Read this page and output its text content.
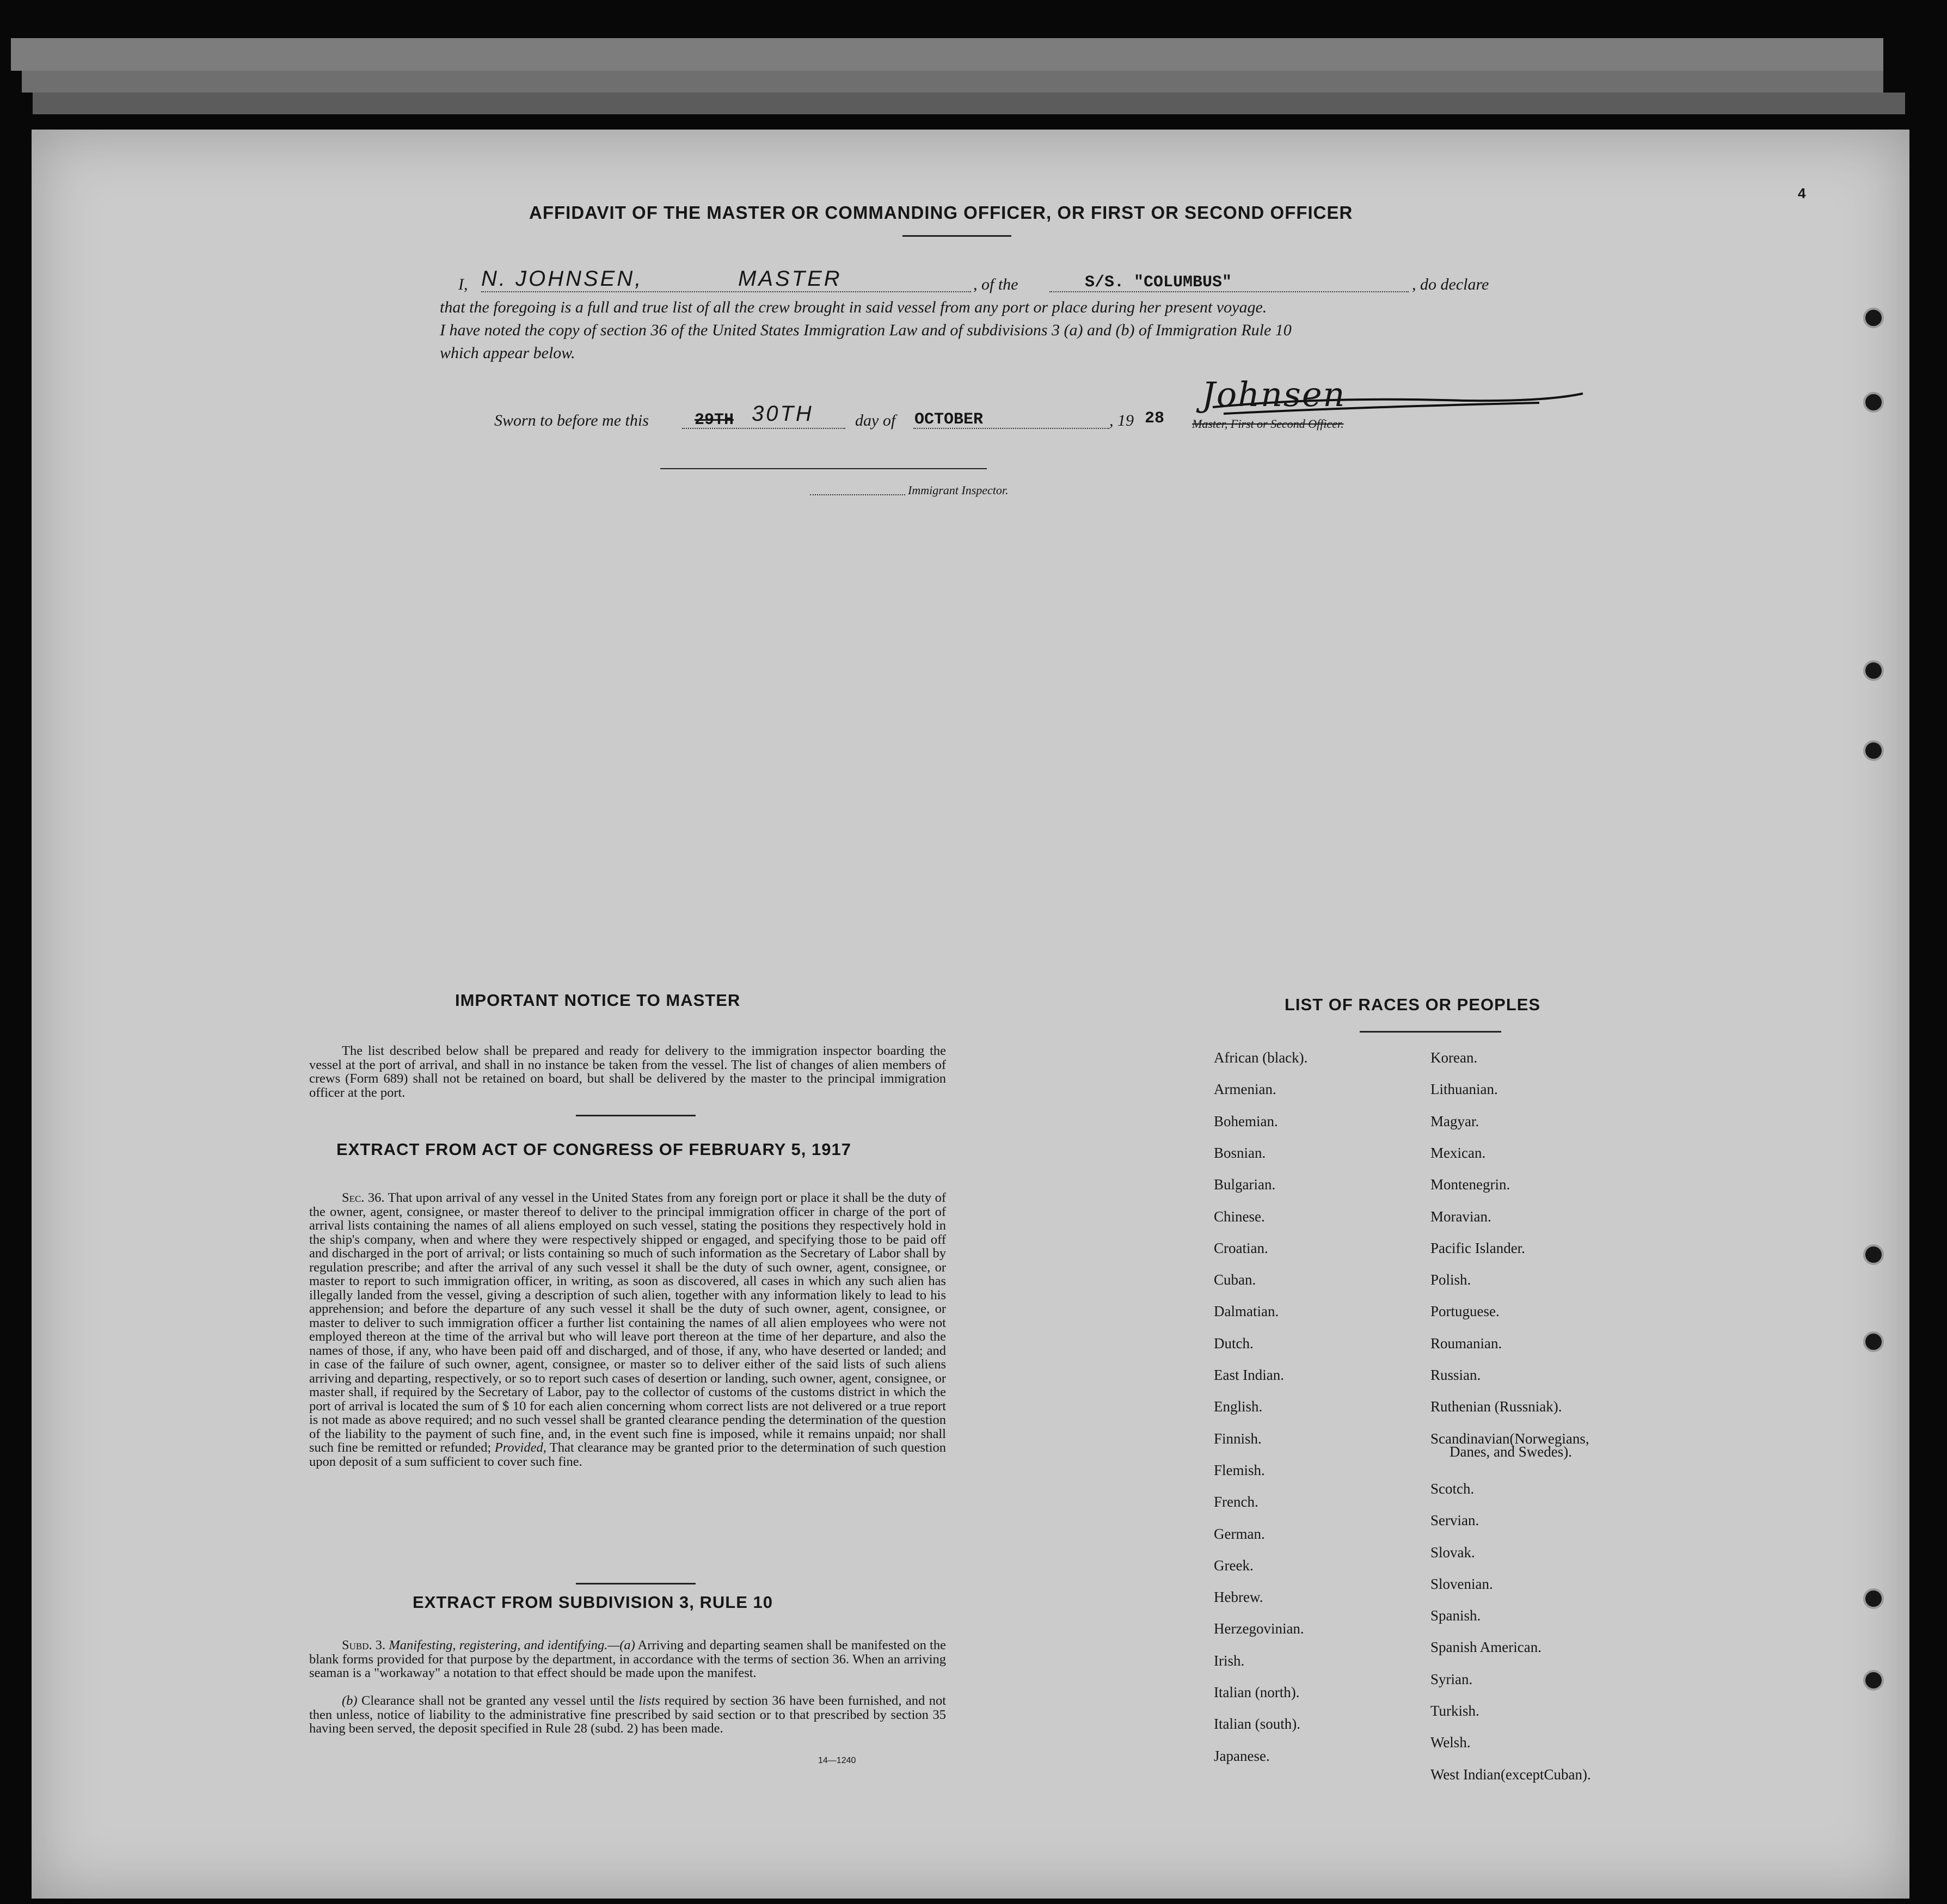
4
AFFIDAVIT OF THE MASTER OR COMMANDING OFFICER, OR FIRST OR SECOND OFFICER
I, N. JOHNSEN,	MASTER	, of the	S/S. "COLUMBUS"	, do declare
that the foregoing is a full and true list of all the crew brought in said vessel from any port or place during her present voyage.
I have noted the copy of section 36 of the United States Immigration Law and of subdivisions 3 (a) and (b) of Immigration Rule 10
which appear below.
Sworn to before me this	29TH 30TH	day of OCTOBER	, 19 28
Johnsen
Master, First or Second Officer.
Immigrant Inspector.
IMPORTANT NOTICE TO MASTER
The list described below shall be prepared and ready for delivery to the immigration inspector boarding the vessel at the port of arrival, and shall in no instance be taken from the vessel. The list of changes of alien members of crews (Form 689) shall not be retained on board, but shall be delivered by the master to the principal immigration officer at the port.
EXTRACT FROM ACT OF CONGRESS OF FEBRUARY 5, 1917
Sec. 36. That upon arrival of any vessel in the United States from any foreign port or place it shall be the duty of the owner, agent, consignee, or master thereof to deliver to the principal immigration officer in charge of the port of arrival lists containing the names of all aliens employed on such vessel, stating the positions they respectively hold in the ship's company, when and where they were respectively shipped or engaged, and specifying those to be paid off and discharged in the port of arrival; or lists containing so much of such information as the Secretary of Labor shall by regulation prescribe; and after the arrival of any such vessel it shall be the duty of such owner, agent, consignee, or master to report to such immigration officer, in writing, as soon as discovered, all cases in which any such alien has illegally landed from the vessel, giving a description of such alien, together with any information likely to lead to his apprehension; and before the departure of any such vessel it shall be the duty of such owner, agent, consignee, or master to deliver to such immigration officer a further list containing the names of all alien employees who were not employed thereon at the time of the arrival but who will leave port thereon at the time of her departure, and also the names of those, if any, who have been paid off and discharged, and of those, if any, who have deserted or landed; and in case of the failure of such owner, agent, consignee, or master so to deliver either of the said lists of such aliens arriving and departing, respectively, or so to report such cases of desertion or landing, such owner, agent, consignee, or master shall, if required by the Secretary of Labor, pay to the collector of customs of the customs district in which the port of arrival is located the sum of $ 10 for each alien concerning whom correct lists are not delivered or a true report is not made as above required; and no such vessel shall be granted clearance pending the determination of the question of the liability to the payment of such fine, and, in the event such fine is imposed, while it remains unpaid; nor shall such fine be remitted or refunded; Provided, That clearance may be granted prior to the determination of such question upon deposit of a sum sufficient to cover such fine.
EXTRACT FROM SUBDIVISION 3, RULE 10
Subd. 3. Manifesting, registering, and identifying.—(a) Arriving and departing seamen shall be manifested on the blank forms provided for that purpose by the department, in accordance with the terms of section 36. When an arriving seaman is a "workaway" a notation to that effect should be made upon the manifest.
(b) Clearance shall not be granted any vessel until the lists required by section 36 have been furnished, and not then unless, notice of liability to the administrative fine prescribed by said section or to that prescribed by section 35 having been served, the deposit specified in Rule 28 (subd. 2) has been made.
14—1240
LIST OF RACES OR PEOPLES
African (black).
Armenian.
Bohemian.
Bosnian.
Bulgarian.
Chinese.
Croatian.
Cuban.
Dalmatian.
Dutch.
East Indian.
English.
Finnish.
Flemish.
French.
German.
Greek.
Hebrew.
Herzegovinian.
Irish.
Italian (north).
Italian (south).
Japanese.
Korean.
Lithuanian.
Magyar.
Mexican.
Montenegrin.
Moravian.
Pacific Islander.
Polish.
Portuguese.
Roumanian.
Russian.
Ruthenian (Russniak).
Scandinavian(Norwegians,
Danes, and Swedes).
Scotch.
Servian.
Slovak.
Slovenian.
Spanish.
Spanish American.
Syrian.
Turkish.
Welsh.
West Indian(exceptCuban).
